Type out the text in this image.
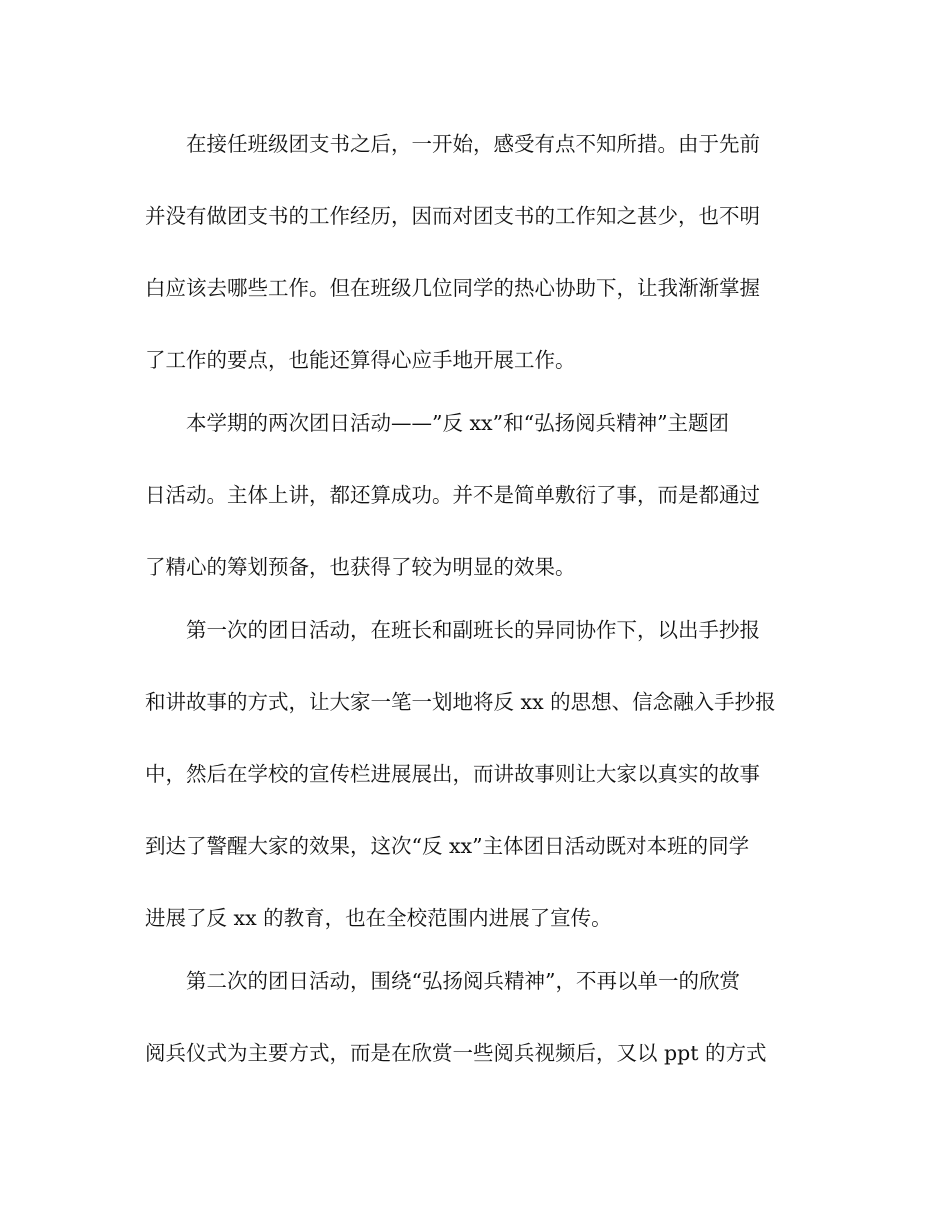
在接任班级团支书之后，一开始，感受有点不知所措。由于先前
并没有做团支书的工作经历，因而对团支书的工作知之甚少，也不明
白应该去哪些工作。但在班级几位同学的热心协助下，让我渐渐掌握
了工作的要点，也能还算得心应手地开展工作。
本学期的两次团日活动——”反 xx”和“弘扬阅兵精神”主题团
日活动。主体上讲，都还算成功。并不是简单敷衍了事，而是都通过
了精心的筹划预备，也获得了较为明显的效果。
第一次的团日活动，在班长和副班长的异同协作下，以出手抄报
和讲故事的方式，让大家一笔一划地将反 xx 的思想、信念融入手抄报
中，然后在学校的宣传栏进展展出，而讲故事则让大家以真实的故事
到达了警醒大家的效果，这次“反 xx”主体团日活动既对本班的同学
进展了反 xx 的教育，也在全校范围内进展了宣传。
第二次的团日活动，围绕“弘扬阅兵精神”，不再以单一的欣赏
阅兵仪式为主要方式，而是在欣赏一些阅兵视频后，又以 ppt 的方式
